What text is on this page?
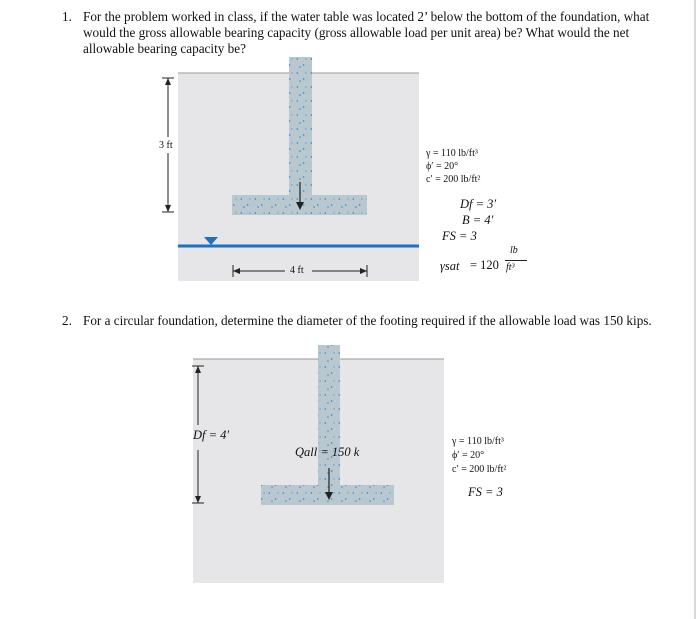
1. For the problem worked in class, if the water table was located 2’ below the bottom of the foundation, what would the gross allowable bearing capacity (gross allowable load per unit area) be? What would the net allowable bearing capacity be?
2. For a circular foundation, determine the diameter of the footing required if the allowable load was 150 kips.
3 ft
4 ft
γ = 110 lb/ft³
ϕ′ = 20°
c′ = 200 lb/ft²
Df = 3′
B = 4′
FS = 3
γsat = 120
lb
ft³
Df = 4′
Qall = 150 k
γ = 110 lb/ft³
ϕ′ = 20°
c′ = 200 lb/ft²
FS = 3
